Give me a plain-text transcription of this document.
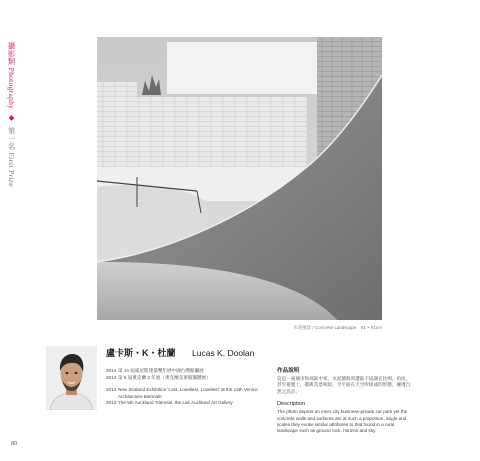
攝影類 Photography ◆ 第一名 First Prize
水泥風景 / Concrete Landscape　81 × 81cm
盧卡斯・K・杜蘭 Lucas K. Doolan
2014 第 14 屆威尼斯建築雙年展中國台灣館聯展
2013 第 5 屆奧克蘭 3 年展（奧克蘭美術館團體展）
2014 New Zealand Exhibition 'Lost, Loneliest, Loveliest' at the 14th Venice Architecture Biennale
2013 The 5th Auckland Triennial, the Lab Auckland Art Gallery
作品說明

這是一座城市和郊區中家，水泥牆與周遭區不協調在比例，角度，甚至視覺上，都與荒景相似，令平面在天空所組成的形態，傳透自然之設計。

Description

The photo depicts an inner city business-private car park yet the concrete walls and surfaces are at such a proportion, angle and scales they evoke similar attributes to that found in a rural landscape such as ground rock, horizon and sky.

80
